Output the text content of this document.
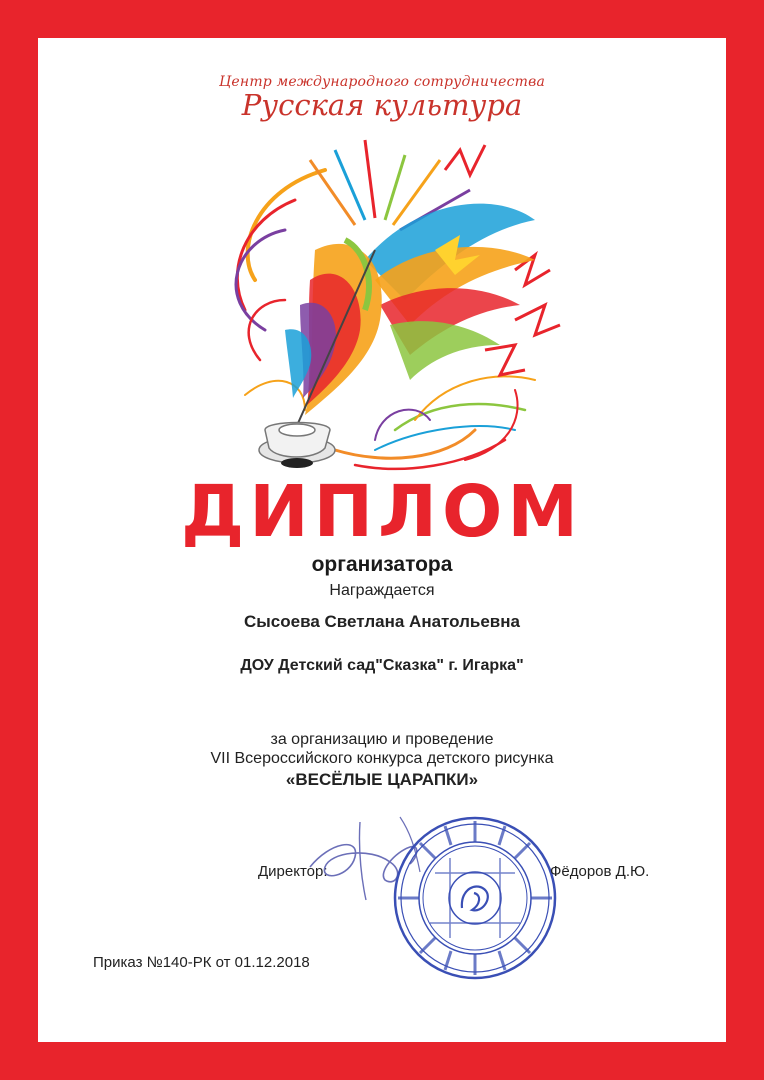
Центр международного сотрудничества
Русская культура
ДИПЛОМ
организатора
Награждается
Сысоева Светлана Анатольевна
ДОУ Детский сад"Сказка" г. Игарка"
за организацию и проведение
VII Всероссийского конкурса детского рисунка
«ВЕСЁЛЫЕ ЦАРАПКИ»
Директор:	Фёдоров Д.Ю.
Приказ №140-РК от 01.12.2018
